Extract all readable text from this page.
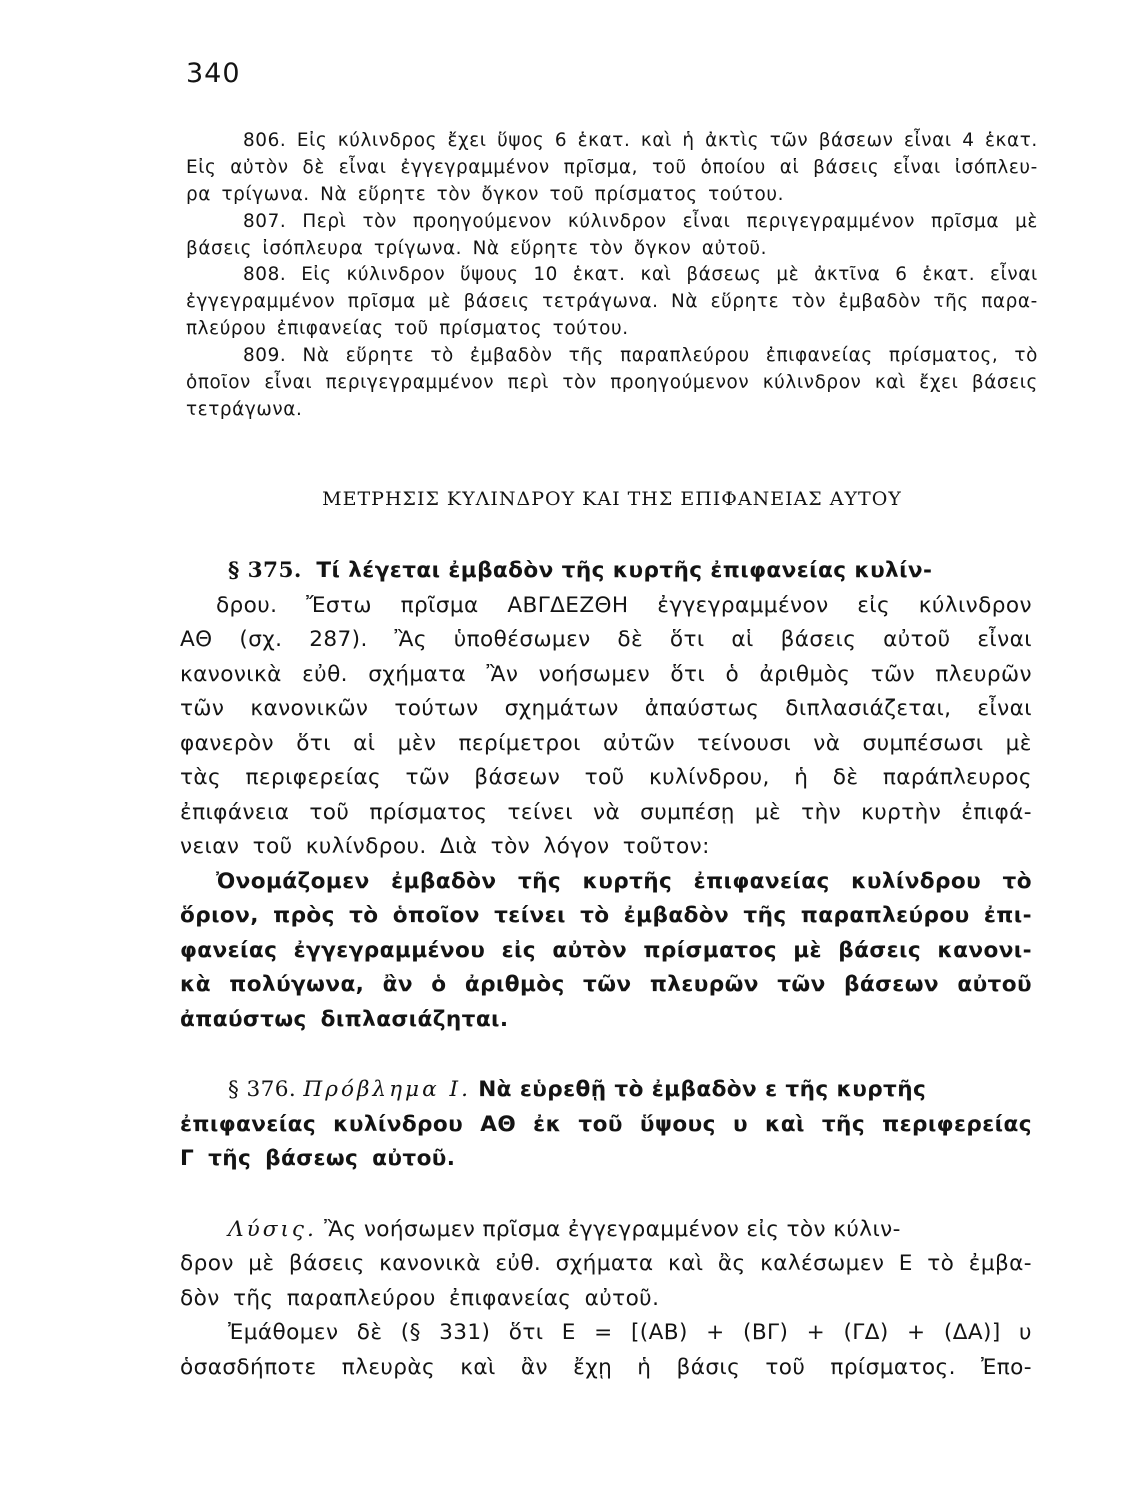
340
806. Εἰς κύλινδρος ἔχει ὕψος 6 ἑκατ. καὶ ἡ ἀκτὶς τῶν βάσεων εἶναι 4 ἑκατ.
Εἰς αὐτὸν δὲ εἶναι ἐγγεγραμμένον πρῖσμα, τοῦ ὁποίου αἱ βάσεις εἶναι ἰσόπλευ-
ρα τρίγωνα. Νὰ εὕρητε τὸν ὄγκον τοῦ πρίσματος τούτου.
807. Περὶ τὸν προηγούμενον κύλινδρον εἶναι περιγεγραμμένον πρῖσμα μὲ
βάσεις ἰσόπλευρα τρίγωνα. Νὰ εὕρητε τὸν ὄγκον αὐτοῦ.
808. Εἰς κύλινδρον ὕψους 10 ἑκατ. καὶ βάσεως μὲ ἀκτῖνα 6 ἑκατ. εἶναι
ἐγγεγραμμένον πρῖσμα μὲ βάσεις τετράγωνα. Νὰ εὕρητε τὸν ἐμβαδὸν τῆς παρα-
πλεύρου ἐπιφανείας τοῦ πρίσματος τούτου.
809. Νὰ εὕρητε τὸ ἐμβαδὸν τῆς παραπλεύρου ἐπιφανείας πρίσματος, τὸ
ὁποῖον εἶναι περιγεγραμμένον περὶ τὸν προηγούμενον κύλινδρον καὶ ἔχει βάσεις
τετράγωνα.
ΜΕΤΡΗΣΙΣ ΚΥΛΙΝΔΡΟΥ ΚΑΙ ΤΗΣ ΕΠΙΦΑΝΕΙΑΣ ΑΥΤΟΥ
§ 375. Τί λέγεται ἐμβαδὸν τῆς κυρτῆς ἐπιφανείας κυλίν-

δρου. Ἔστω πρῖσμα ΑΒΓΔΕΖΘΗ ἐγγεγραμμένον εἰς κύλινδρον
ΑΘ (σχ. 287). Ἂς ὑποθέσωμεν δὲ ὅτι αἱ βάσεις αὐτοῦ εἶναι
κανονικὰ εὐθ. σχήματα Ἂν νοήσωμεν ὅτι ὁ ἀριθμὸς τῶν πλευρῶν
τῶν κανονικῶν τούτων σχημάτων ἀπαύστως διπλασιάζεται, εἶναι
φανερὸν ὅτι αἱ μὲν περίμετροι αὐτῶν τείνουσι νὰ συμπέσωσι μὲ
τὰς περιφερείας τῶν βάσεων τοῦ κυλίνδρου, ἡ δὲ παράπλευρος
ἐπιφάνεια τοῦ πρίσματος τείνει νὰ συμπέσῃ μὲ τὴν κυρτὴν ἐπιφά-
νειαν τοῦ κυλίνδρου. Διὰ τὸν λόγον τοῦτον:
Ὀνομάζομεν ἐμβαδὸν τῆς κυρτῆς ἐπιφανείας κυλίνδρου τὸ
ὅριον, πρὸς τὸ ὁποῖον τείνει τὸ ἐμβαδὸν τῆς παραπλεύρου ἐπι-
φανείας ἐγγεγραμμένου εἰς αὐτὸν πρίσματος μὲ βάσεις κανονι-
κὰ πολύγωνα, ἂν ὁ ἀριθμὸς τῶν πλευρῶν τῶν βάσεων αὐτοῦ
ἀπαύστως διπλασιάζηται.
§ 376. Πρόβλημα Ι. Νὰ εὑρεθῇ τὸ ἐμβαδὸν ε τῆς κυρτῆς
ἐπιφανείας κυλίνδρου ΑΘ ἐκ τοῦ ὕψους υ καὶ τῆς περιφερείας
Γ τῆς βάσεως αὐτοῦ.
Λύσις. Ἂς νοήσωμεν πρῖσμα ἐγγεγραμμένον εἰς τὸν κύλιν-
δρον μὲ βάσεις κανονικὰ εὐθ. σχήματα καὶ ἂς καλέσωμεν Ε τὸ ἐμβα-
δὸν τῆς παραπλεύρου ἐπιφανείας αὐτοῦ.
Ἐμάθομεν δὲ (§ 331) ὅτι Ε = [(ΑΒ) + (ΒΓ) + (ΓΔ) + (ΔΑ)] υ
ὁσασδήποτε πλευρὰς καὶ ἂν ἔχῃ ἡ βάσις τοῦ πρίσματος. Ἐπο-
